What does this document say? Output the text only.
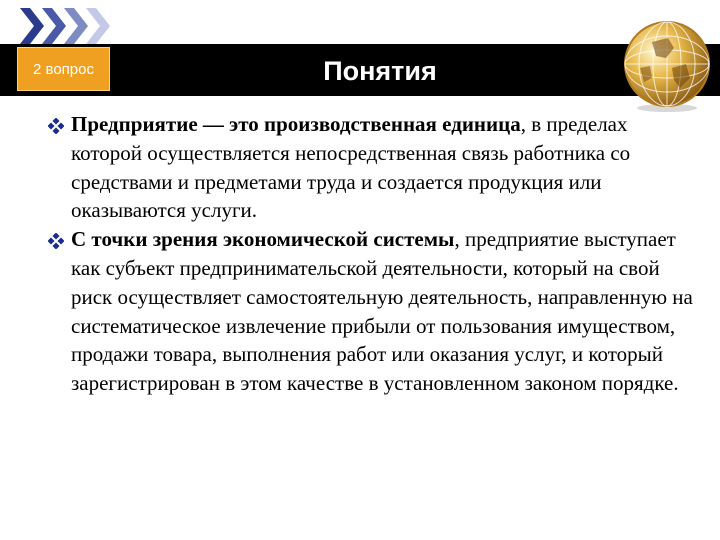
2 вопрос	Понятия
Предприятие — это производственная единица, в пределах которой осуществляется непосредственная связь работника со средствами и предметами труда и создается продукция или оказываются услуги.
С точки зрения экономической системы, предприятие выступает как субъект предпринимательской деятельности, который на свой риск осуществляет самостоятельную деятельность, направленную на систематическое извлечение прибыли от пользования имуществом, продажи товара, выполнения работ или оказания услуг, и который зарегистрирован в этом качестве в установленном законом порядке.
